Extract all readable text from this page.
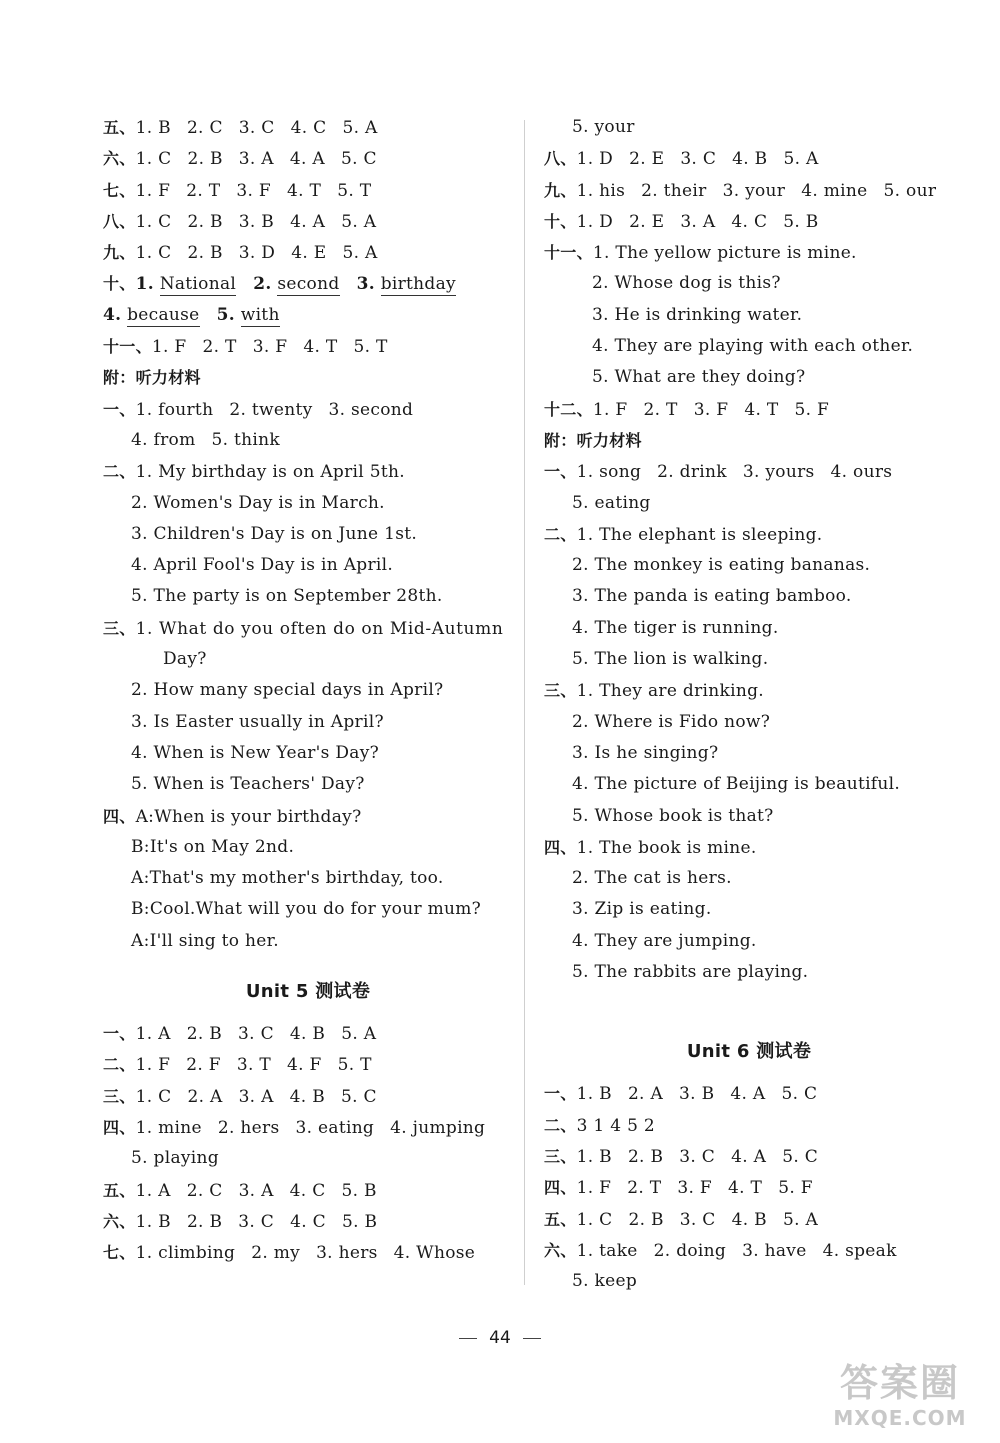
五、1. B 2. C 3. C 4. C 5. A
六、1. C 2. B 3. A 4. A 5. C
七、1. F 2. T 3. F 4. T 5. T
八、1. C 2. B 3. B 4. A 5. A
九、1. C 2. B 3. D 4. E 5. A
十、1. National 2. second 3. birthday
4. because 5. with
十一、1. F 2. T 3. F 4. T 5. T
附：听力材料
一、1. fourth 2. twenty 3. second
4. from 5. think
二、1. My birthday is on April 5th.
2. Women's Day is in March.
3. Children's Day is on June 1st.
4. April Fool's Day is in April.
5. The party is on September 28th.
三、1. What do you often do on Mid-Autumn
Day?
2. How many special days in April?
3. Is Easter usually in April?
4. When is New Year's Day?
5. When is Teachers' Day?
四、A:When is your birthday?
B:It's on May 2nd.
A:That's my mother's birthday, too.
B:Cool.What will you do for your mum?
A:I'll sing to her.
Unit 5 测试卷
一、1. A 2. B 3. C 4. B 5. A
二、1. F 2. F 3. T 4. F 5. T
三、1. C 2. A 3. A 4. B 5. C
四、1. mine 2. hers 3. eating 4. jumping
5. playing
五、1. A 2. C 3. A 4. C 5. B
六、1. B 2. B 3. C 4. C 5. B
七、1. climbing 2. my 3. hers 4. Whose
5. your
八、1. D 2. E 3. C 4. B 5. A
九、1. his 2. their 3. your 4. mine 5. our
十、1. D 2. E 3. A 4. C 5. B
十一、1. The yellow picture is mine.
2. Whose dog is this?
3. He is drinking water.
4. They are playing with each other.
5. What are they doing?
十二、1. F 2. T 3. F 4. T 5. F
附：听力材料
一、1. song 2. drink 3. yours 4. ours
5. eating
二、1. The elephant is sleeping.
2. The monkey is eating bananas.
3. The panda is eating bamboo.
4. The tiger is running.
5. The lion is walking.
三、1. They are drinking.
2. Where is Fido now?
3. Is he singing?
4. The picture of Beijing is beautiful.
5. Whose book is that?
四、1. The book is mine.
2. The cat is hers.
3. Zip is eating.
4. They are jumping.
5. The rabbits are playing.
Unit 6 测试卷
一、1. B 2. A 3. B 4. A 5. C
二、3 1 4 5 2
三、1. B 2. B 3. C 4. A 5. C
四、1. F 2. T 3. F 4. T 5. F
五、1. C 2. B 3. C 4. B 5. A
六、1. take 2. doing 3. have 4. speak
5. keep
44
答案圈
MXQE.COM
